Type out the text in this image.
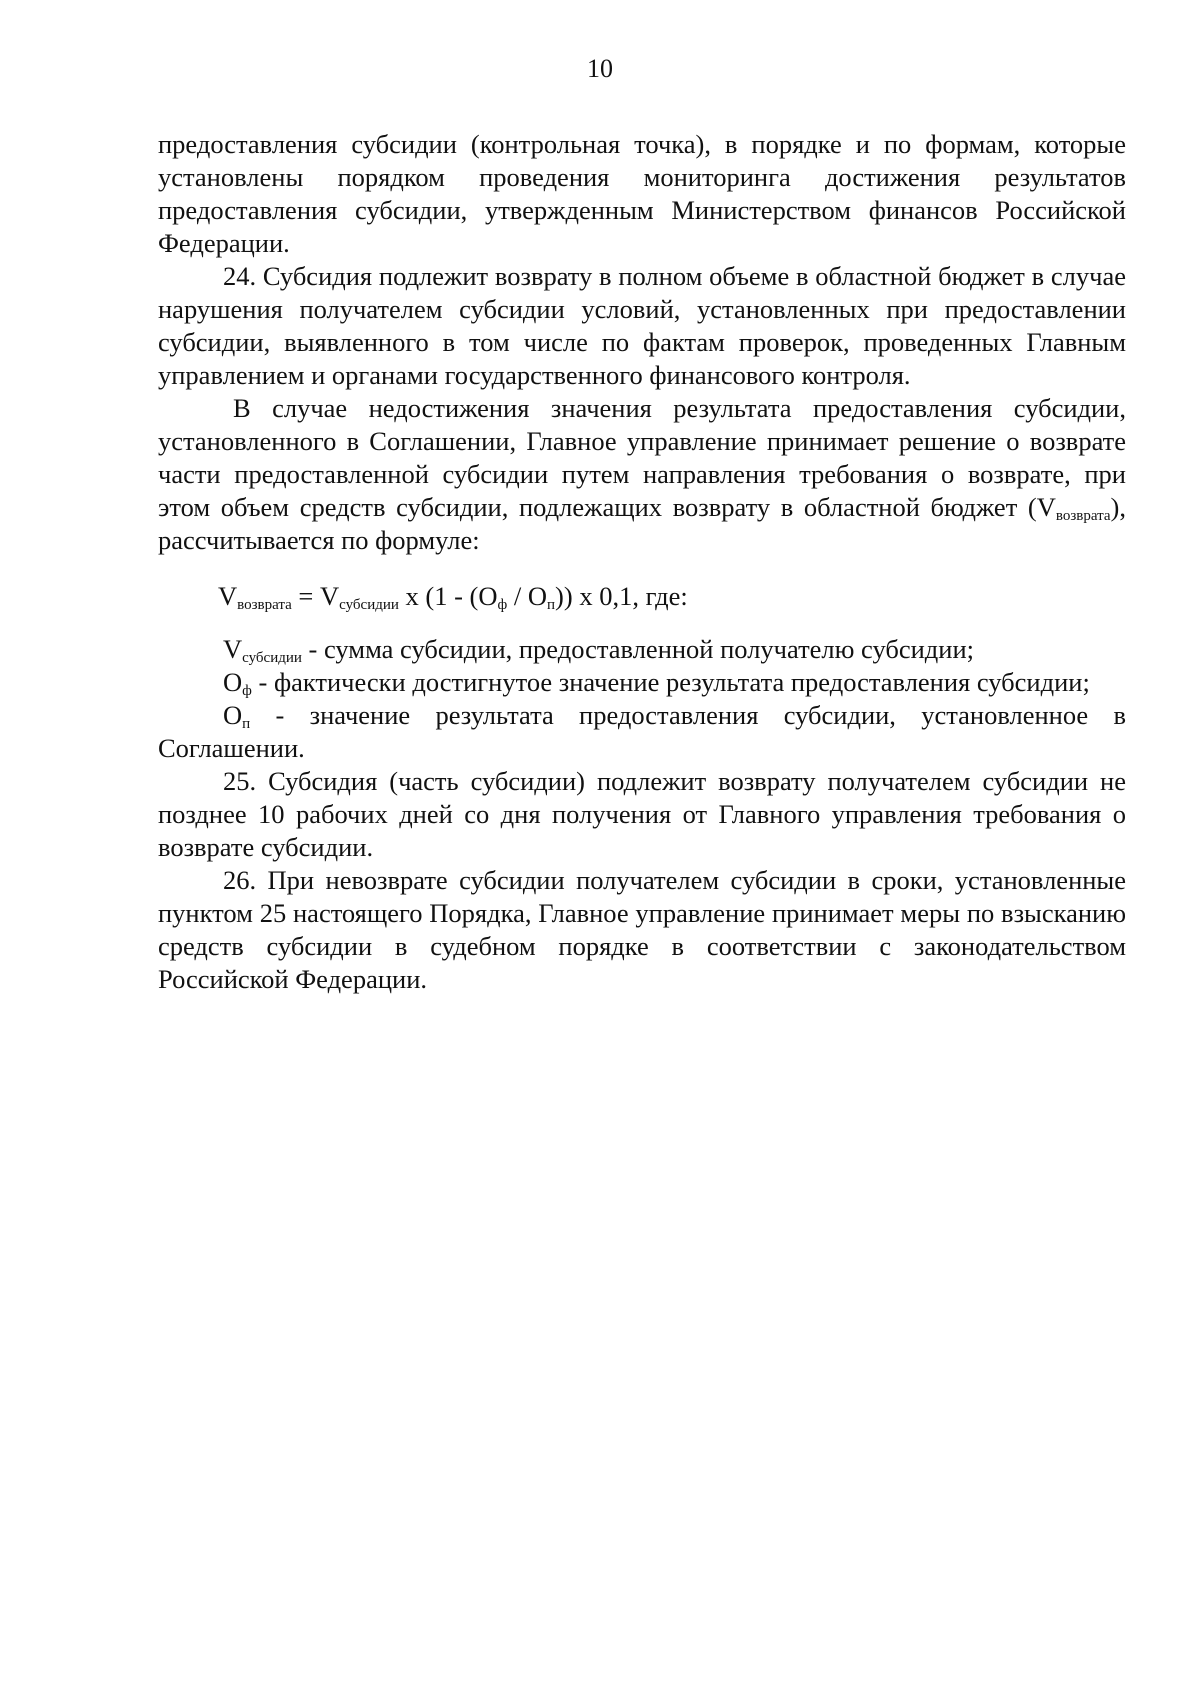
10

предоставления субсидии (контрольная точка), в порядке и по формам, которые установлены порядком проведения мониторинга достижения результатов предоставления субсидии, утвержденным Министерством финансов Российской Федерации.

24. Субсидия подлежит возврату в полном объеме в областной бюджет в случае нарушения получателем субсидии условий, установленных при предоставлении субсидии, выявленного в том числе по фактам проверок, проведенных Главным управлением и органами государственного финансового контроля.

В случае недостижения значения результата предоставления субсидии, установленного в Соглашении, Главное управление принимает решение о возврате части предоставленной субсидии путем направления требования о возврате, при этом объем средств субсидии, подлежащих возврату в областной бюджет $(V_{возврата})$, рассчитывается по формуле:

$V_{возврата} = V_{субсидии}$ x $(1 - (О_ф / О_п))$ x 0,1, где:

$V_{субсидии}$ - сумма субсидии, предоставленной получателю субсидии;

$О_ф$ - фактически достигнутое значение результата предоставления субсидии;

$О_п$ - значение результата предоставления субсидии, установленное в Соглашении.

25. Субсидия (часть субсидии) подлежит возврату получателем субсидии не позднее 10 рабочих дней со дня получения от Главного управления требования о возврате субсидии.

26. При невозврате субсидии получателем субсидии в сроки, установленные пунктом 25 настоящего Порядка, Главное управление принимает меры по взысканию средств субсидии в судебном порядке в соответствии с законодательством Российской Федерации.
